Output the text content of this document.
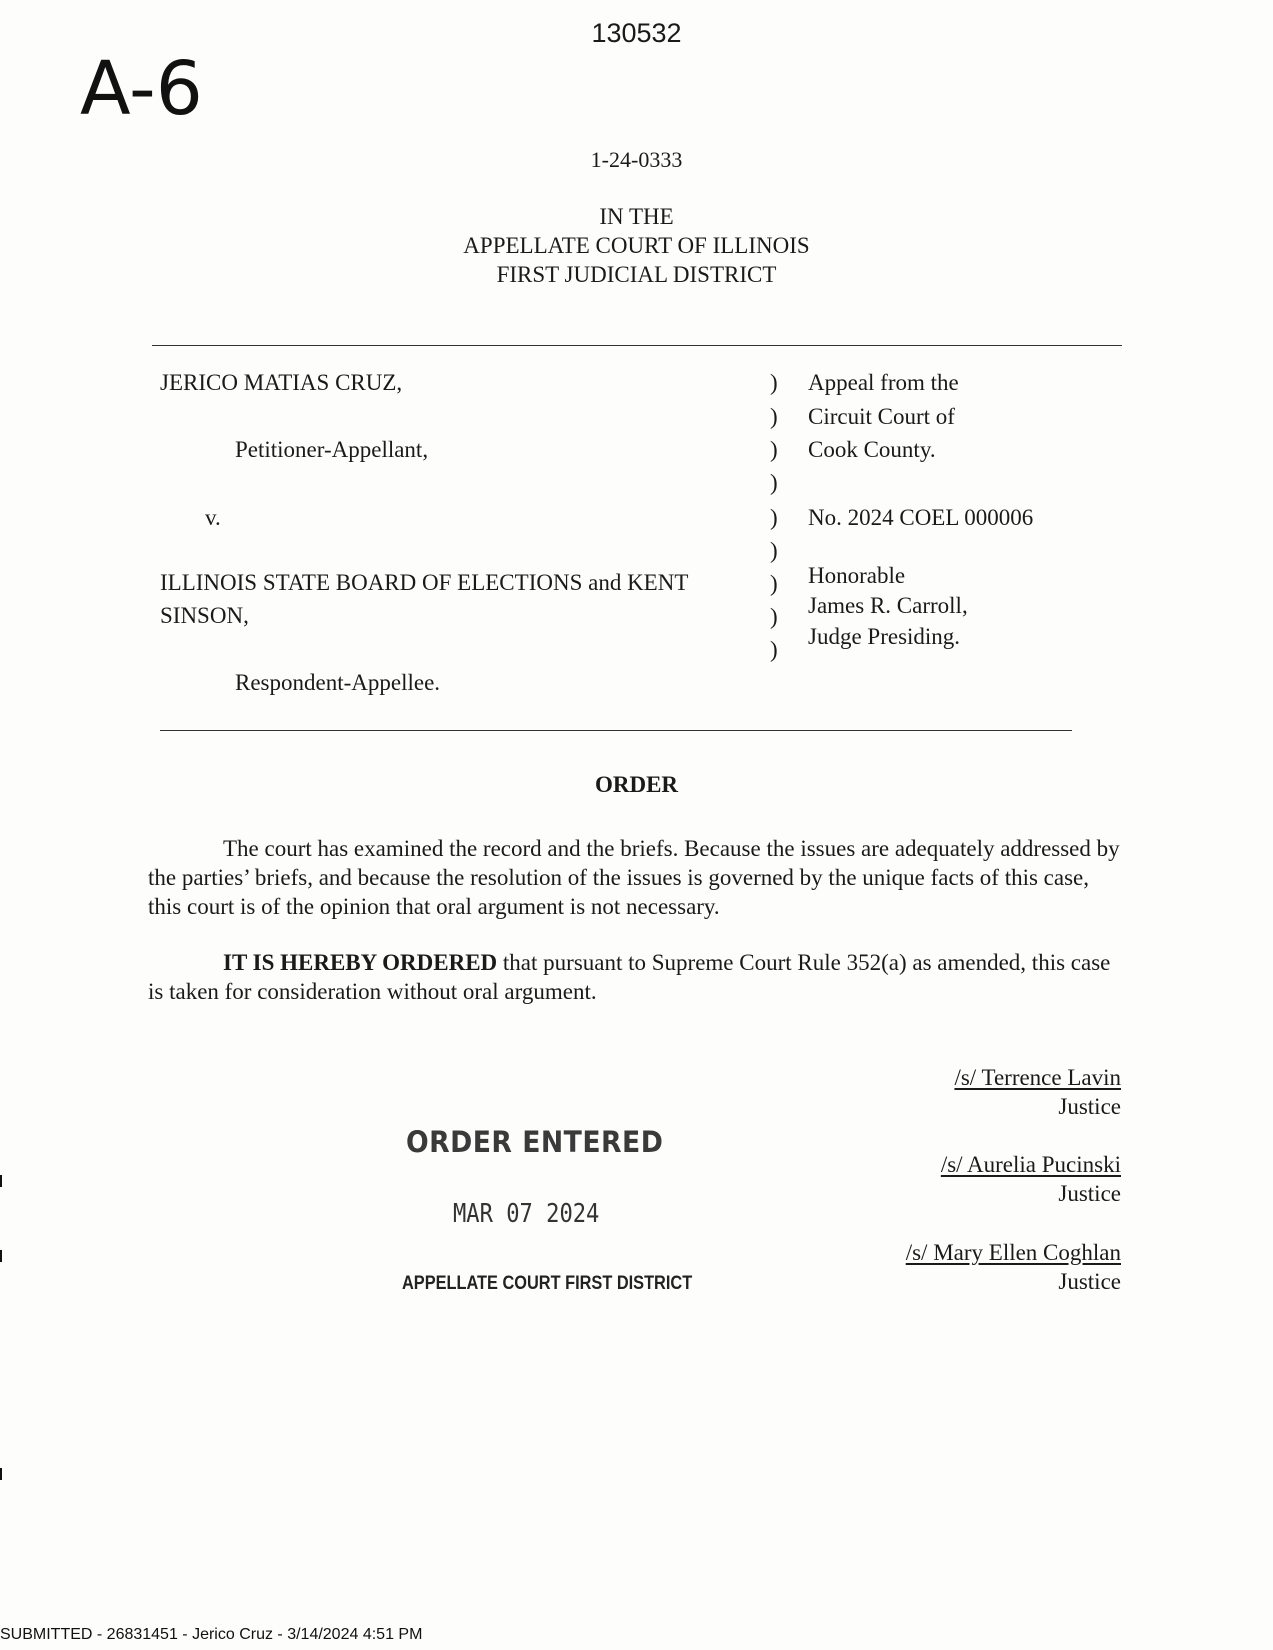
130532
A-6
1-24-0333
IN THE
APPELLATE COURT OF ILLINOIS
FIRST JUDICIAL DISTRICT
JERICO MATIAS CRUZ,
Petitioner-Appellant,
v.
ILLINOIS STATE BOARD OF ELECTIONS and KENT
SINSON,
Respondent-Appellee.
)
)
)
)
)
)
)
)
)
Appeal from the
Circuit Court of
Cook County.
No. 2024 COEL 000006
Honorable
James R. Carroll,
Judge Presiding.
ORDER

The court has examined the record and the briefs. Because the issues are adequately addressed by the parties’ briefs, and because the resolution of the issues is governed by the unique facts of this case, this court is of the opinion that oral argument is not necessary.

IT IS HEREBY ORDERED that pursuant to Supreme Court Rule 352(a) as amended, this case is taken for consideration without oral argument.

/s/ Terrence Lavin
Justice
/s/ Aurelia Pucinski
Justice
/s/ Mary Ellen Coghlan
Justice
ORDER ENTERED
MAR 07 2024
APPELLATE COURT FIRST DISTRICT
SUBMITTED - 26831451 - Jerico Cruz - 3/14/2024 4:51 PM
